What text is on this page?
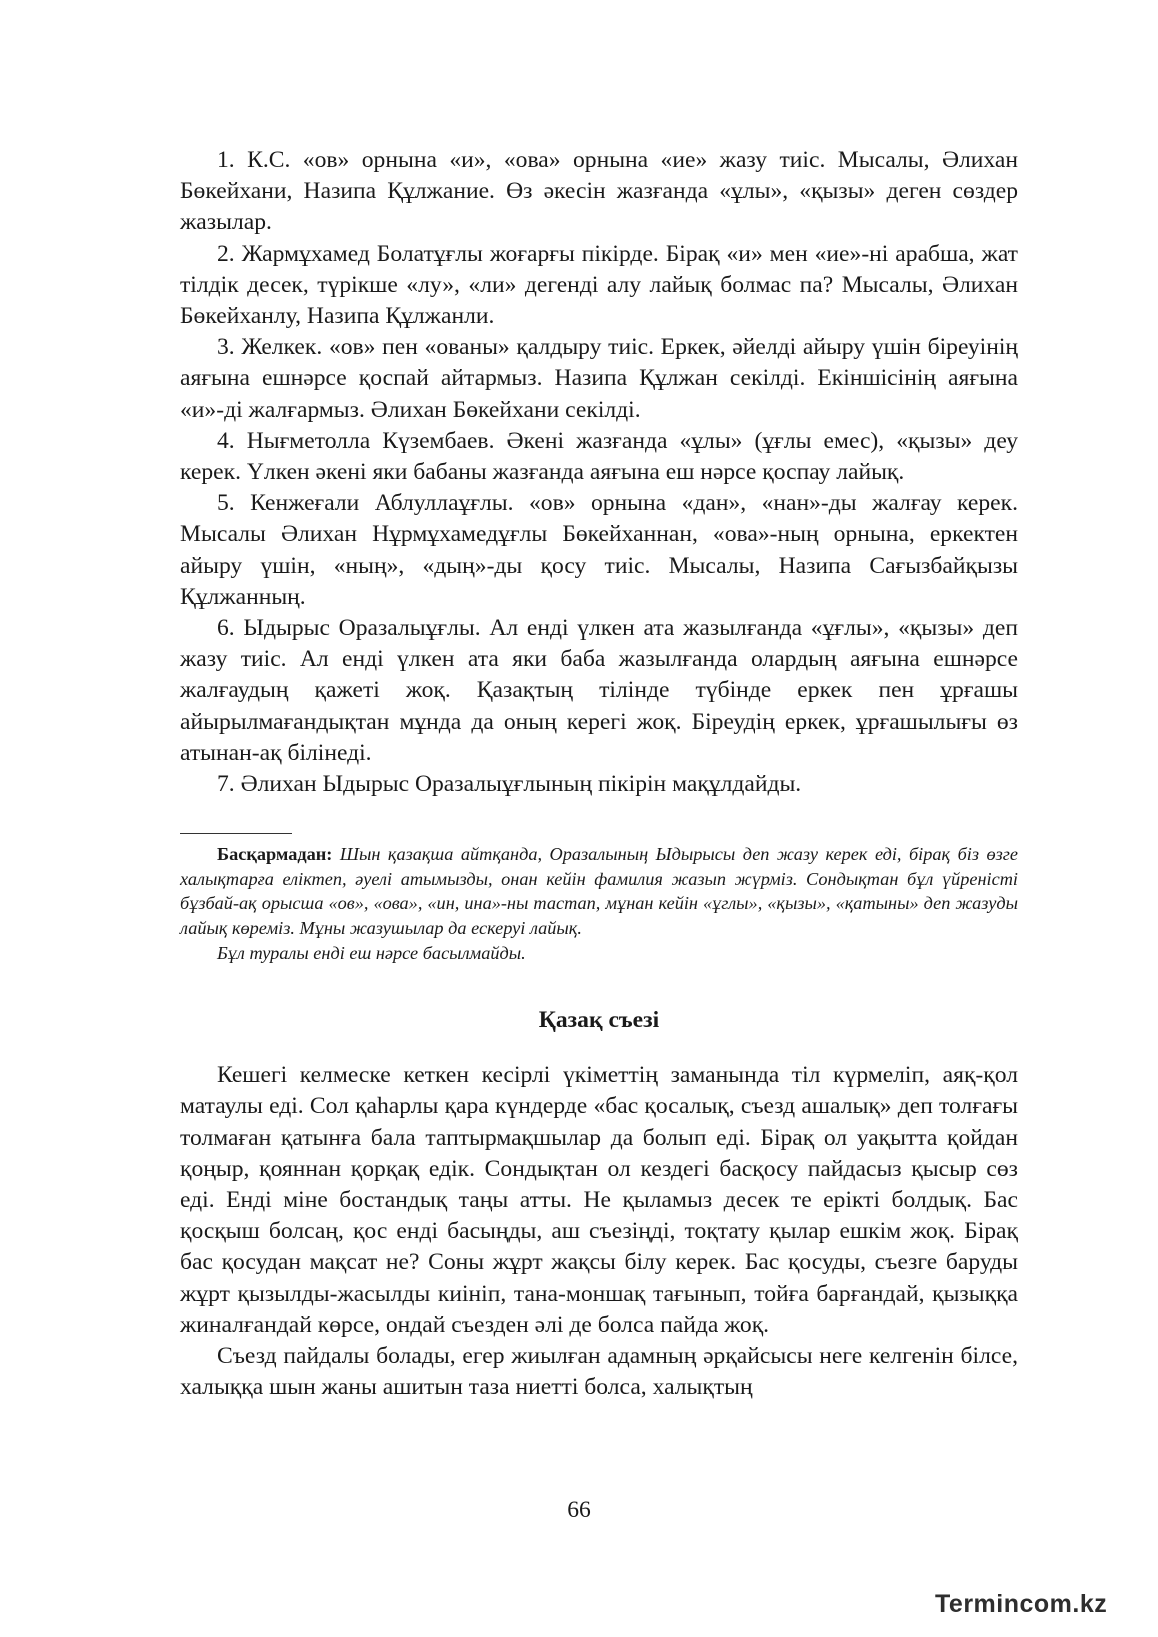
1. К.С. «ов» орнына «и», «ова» орнына «ие» жазу тиіс. Мысалы, Әлихан Бөкейхани, Назипа Құлжание. Өз әкесін жазғанда «ұлы», «қызы» деген сөздер жазылар.

2. Жармұхамед Болатұғлы жоғарғы пікірде. Бірақ «и» мен «ие»-ні арабша, жат тілдік десек, түрікше «лу», «ли» дегенді алу лайық болмас па? Мысалы, Әлихан Бөкейханлу, Назипа Құлжанли.

3. Желкек. «ов» пен «ованы» қалдыру тиіс. Еркек, әйелді айыру үшін біреуінің аяғына ешнәрсе қоспай айтармыз. Назипа Құлжан секілді. Екіншісінің аяғына «и»-ді жалғармыз. Әлихан Бөкейхани секілді.

4. Нығметолла Күзембаев. Әкені жазғанда «ұлы» (ұғлы емес), «қызы» деу керек. Үлкен әкені яки бабаны жазғанда аяғына еш нәрсе қоспау лайық.

5. Кенжеғали Аблуллаұғлы. «ов» орнына «дан», «нан»-ды жалғау керек. Мысалы Әлихан Нұрмұхамедұғлы Бөкейханнан, «ова»-ның орнына, еркектен айыру үшін, «ның», «дың»-ды қосу тиіс. Мысалы, Назипа Сағызбайқызы Құлжанның.

6. Ыдырыс Оразалыұғлы. Ал енді үлкен ата жазылғанда «ұғлы», «қызы» деп жазу тиіс. Ал енді үлкен ата яки баба жазылғанда олардың аяғына ешнәрсе жалғаудың қажеті жоқ. Қазақтың тілінде түбінде еркек пен ұрғашы айырылмағандықтан мұнда да оның керегі жоқ. Біреудің еркек, ұрғашылығы өз атынан-ақ білінеді.

7. Әлихан Ыдырыс Оразалыұғлының пікірін мақұлдайды.

Басқармадан: Шын қазақша айтқанда, Оразалының Ыдырысы деп жазу керек еді, бірақ біз өзге халықтарға еліктеп, әуелі атымызды, онан кейін фамилия жазып жүрміз. Сондықтан бұл үйреністі бұзбай-ақ орысша «ов», «ова», «ин, ина»-ны тастап, мұнан кейін «ұглы», «қызы», «қатыны» деп жазуды лайық көреміз. Мұны жазушылар да ескеруі лайық.

Бұл туралы енді еш нәрсе басылмайды.

Қазақ съезі

Кешегі келмеске кеткен кесірлі үкіметтің заманында тіл күрмеліп, аяқ-қол матаулы еді. Сол қаһарлы қара күндерде «бас қосалық, съезд ашалық» деп толғағы толмаған қатынға бала таптырмақшылар да болып еді. Бірақ ол уақытта қойдан қоңыр, қояннан қорқақ едік. Сондықтан ол кездегі басқосу пайдасыз қысыр сөз еді. Енді міне бостандық таңы атты. Не қыламыз десек те ерікті болдық. Бас қосқыш болсаң, қос енді басыңды, аш съезіңді, тоқтату қылар ешкім жоқ. Бірақ бас қосудан мақсат не? Соны жұрт жақсы білу керек. Бас қосуды, съезге баруды жұрт қызылды-жасылды киініп, тана-моншақ тағынып, тойға барғандай, қызыққа жиналғандай көрсе, ондай съезден әлі де болса пайда жоқ.

Съезд пайдалы болады, егер жиылған адамның әрқайсысы неге келгенін білсе, халыққа шын жаны ашитын таза ниетті болса, халықтың

66
Termincom.kz
